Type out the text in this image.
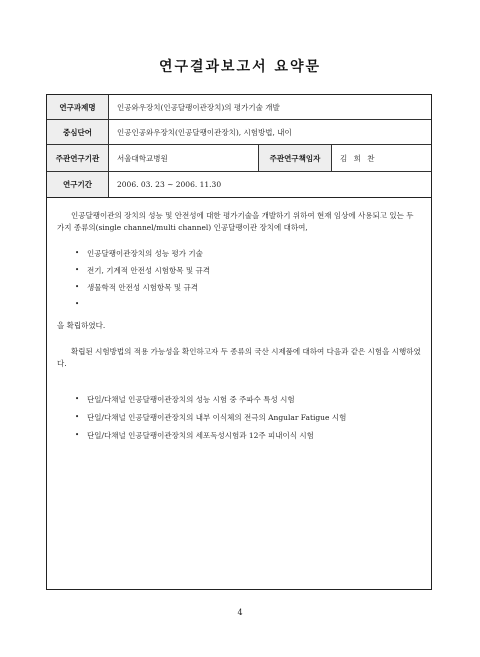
연구결과보고서 요약문
연구과제명	인공와우장치(인공달팽이관장치)의 평가기술 개발
중심단어	인공인공와우장치(인공달팽이관장치), 시험방법, 내이
주관연구기관	서울대학교병원	주관연구책임자	김 희 찬
연구기간	2006. 03. 23 ~ 2006. 11.30

인공달팽이관의 장치의 성능 및 안전성에 대한 평가기술을 개발하기 위하여 현재 임상에 사용되고 있는 두 가지 종류의(single channel/multi channel) 인공달팽이관 장치에 대하여,

• 인공달팽이관장치의 성능 평가 기술
• 전기, 기계적 안전성 시험항목 및 규격
• 생물학적 안전성 시험항목 및 규격
•

을 확립하였다.

확립된 시험방법의 적용 가능성을 확인하고자 두 종류의 국산 시제품에 대하여 다음과 같은 시험을 시행하였다.

• 단일/다채널 인공달팽이관장치의 성능 시험 중 주파수 특성 시험
• 단일/다채널 인공달팽이관장치의 내부 이식체의 전극의 Angular Fatigue 시험
• 단일/다채널 인공달팽이관장치의 세포독성시험과 12주 피내이식 시험
4
